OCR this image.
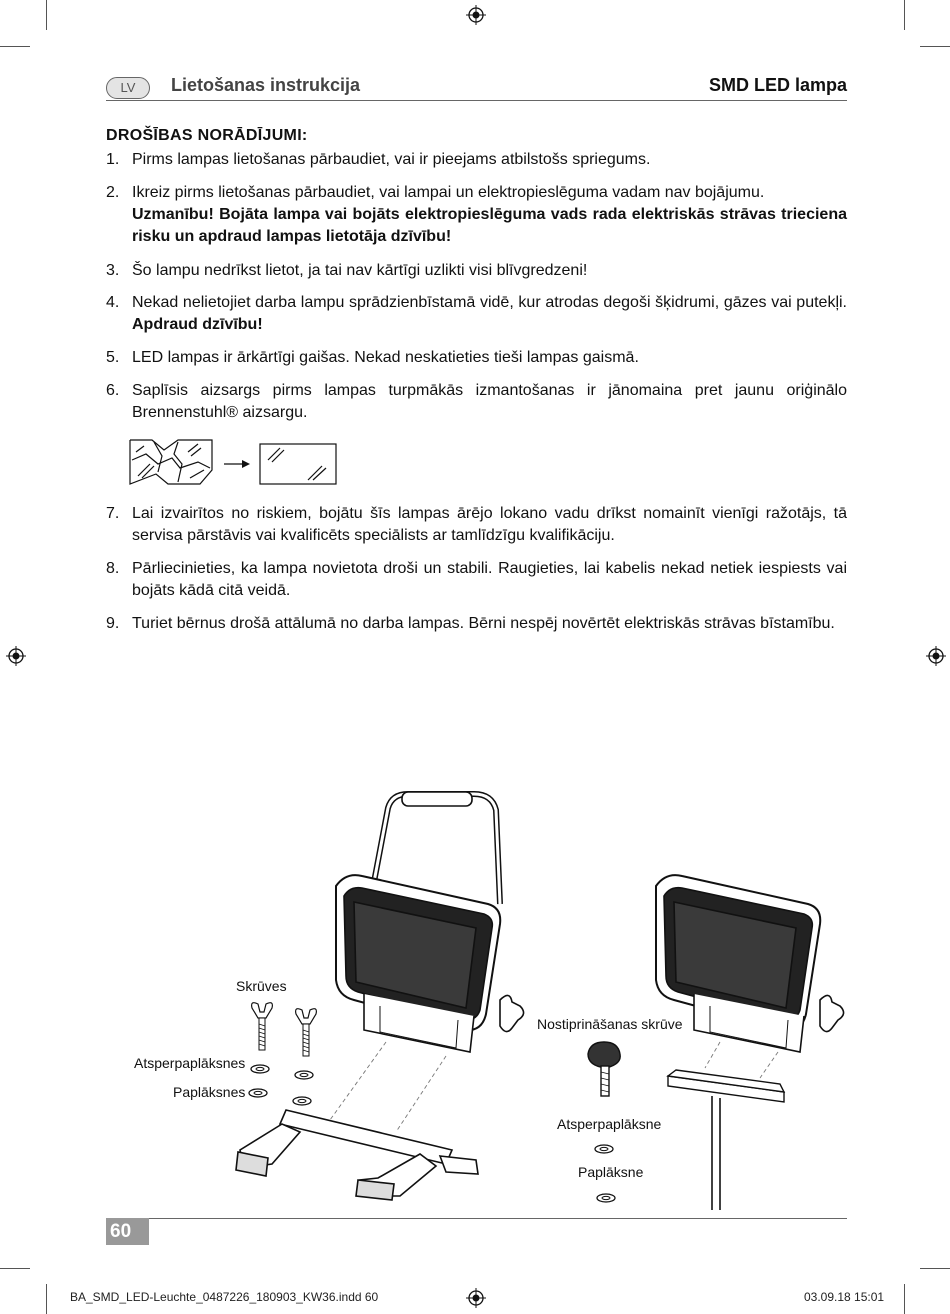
LV	Lietošanas instrukcija	SMD LED lampa
DROŠĪBAS NORĀDĪJUMI:
1. Pirms lampas lietošanas pārbaudiet, vai ir pieejams atbilstošs spriegums.
2. Ikreiz pirms lietošanas pārbaudiet, vai lampai un elektropieslēguma vadam nav bojājumu.
Uzmanību! Bojāta lampa vai bojāts elektropieslēguma vads rada elektriskās strāvas trieciena risku un apdraud lampas lietotāja dzīvību!
3. Šo lampu nedrīkst lietot, ja tai nav kārtīgi uzlikti visi blīvgredzeni!
4. Nekad nelietojiet darba lampu sprādzienbīstamā vidē, kur atrodas degoši šķidrumi, gāzes vai putekļi. Apdraud dzīvību!
5. LED lampas ir ārkārtīgi gaišas. Nekad neskatieties tieši lampas gaismā.
6. Saplīsis aizsargs pirms lampas turpmākās izmantošanas ir jānomaina pret jaunu oriģinālo Brennenstuhl® aizsargu.
7. Lai izvairītos no riskiem, bojātu šīs lampas ārējo lokano vadu drīkst nomainīt vienīgi ražotājs, tā servisa pārstāvis vai kvalificēts speciālists ar tamlīdzīgu kvalifikāciju.
8. Pārliecinieties, ka lampa novietota droši un stabili. Raugieties, lai kabelis nekad netiek iespiests vai bojāts kādā citā veidā.
9. Turiet bērnus drošā attālumā no darba lampas. Bērni nespēj novērtēt elektriskās strāvas bīstamību.
Skrūves
Atsperpaplāksnes
Paplāksnes
Nostiprināšanas skrūve
Atsperpaplāksne
Paplāksne
60
BA_SMD_LED-Leuchte_0487226_180903_KW36.indd 60	03.09.18 15:01
